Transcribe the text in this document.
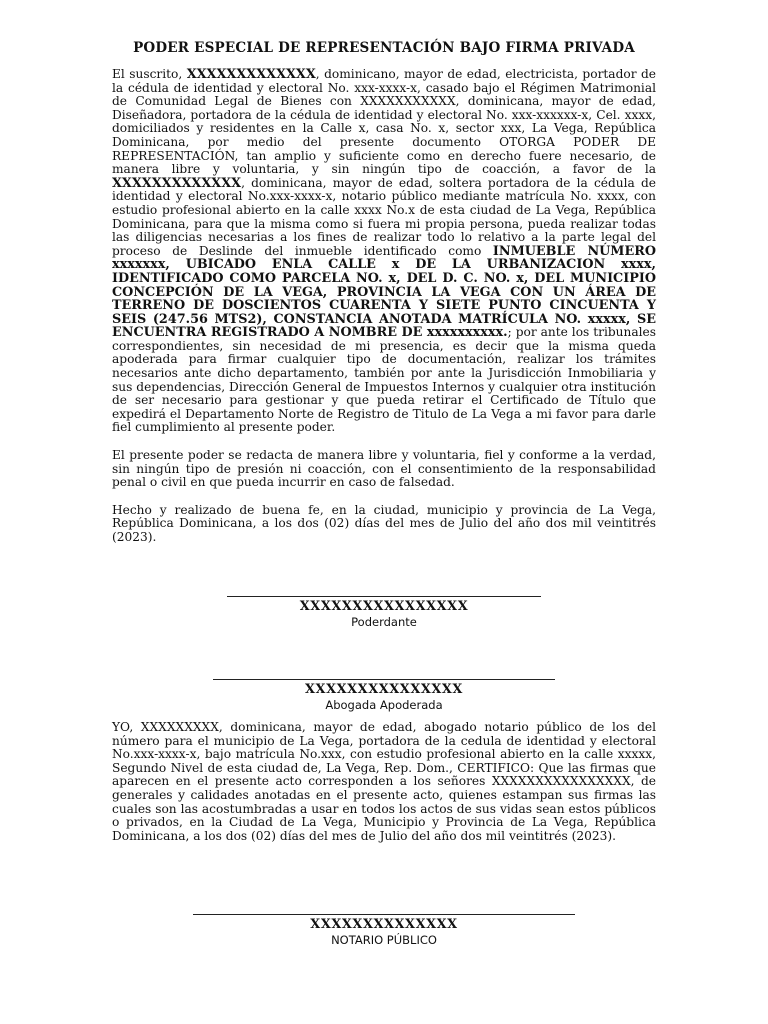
PODER ESPECIAL DE REPRESENTACIÓN BAJO FIRMA PRIVADA

El suscrito, XXXXXXXXXXXXX, dominicano, mayor de edad, electricista, portador de la cédula de identidad y electoral No. xxx-xxxx-x, casado bajo el Régimen Matrimonial de Comunidad Legal de Bienes con XXXXXXXXXXX, dominicana, mayor de edad, Diseñadora, portadora de la cédula de identidad y electoral No. xxx-xxxxxx-x, Cel. xxxx, domiciliados y residentes en la Calle x, casa No. x, sector xxx, La Vega, República Dominicana, por medio del presente documento OTORGA PODER DE REPRESENTACIÓN, tan amplio y suficiente como en derecho fuere necesario, de manera libre y voluntaria, y sin ningún tipo de coacción, a favor de la XXXXXXXXXXXXX, dominicana, mayor de edad, soltera portadora de la cédula de identidad y electoral No.xxx-xxxx-x, notario público mediante matrícula No. xxxx, con estudio profesional abierto en la calle xxxx No.x de esta ciudad de La Vega, República Dominicana, para que la misma como si fuera mi propia persona, pueda realizar todas las diligencias necesarias a los fines de realizar todo lo relativo a la parte legal del proceso de Deslinde del inmueble identificado como INMUEBLE NÚMERO xxxxxxx, UBICADO ENLA CALLE x DE LA URBANIZACION xxxx, IDENTIFICADO COMO PARCELA NO. x, DEL D. C. NO. x, DEL MUNICIPIO CONCEPCIÓN DE LA VEGA, PROVINCIA LA VEGA CON UN ÁREA DE TERRENO DE DOSCIENTOS CUARENTA Y SIETE PUNTO CINCUENTA Y SEIS (247.56 MTS2), CONSTANCIA ANOTADA MATRÍCULA NO. xxxxx, SE ENCUENTRA REGISTRADO A NOMBRE DE xxxxxxxxxx.; por ante los tribunales correspondientes, sin necesidad de mi presencia, es decir que la misma queda apoderada para firmar cualquier tipo de documentación, realizar los trámites necesarios ante dicho departamento, también por ante la Jurisdicción Inmobiliaria y sus dependencias, Dirección General de Impuestos Internos y cualquier otra institución de ser necesario para gestionar y que pueda retirar el Certificado de Título que expedirá el Departamento Norte de Registro de Titulo de La Vega a mi favor para darle fiel cumplimiento al presente poder.

El presente poder se redacta de manera libre y voluntaria, fiel y conforme a la verdad, sin ningún tipo de presión ni coacción, con el consentimiento de la responsabilidad penal o civil en que pueda incurrir en caso de falsedad.

Hecho y realizado de buena fe, en la ciudad, municipio y provincia de La Vega, República Dominicana, a los dos (02) días del mes de Julio del año dos mil veintitrés (2023).

XXXXXXXXXXXXXXXX
Poderdante
XXXXXXXXXXXXXXX
Abogada Apoderada

YO, XXXXXXXXX, dominicana, mayor de edad, abogado notario público de los del número para el municipio de La Vega, portadora de la cedula de identidad y electoral No.xxx-xxxx-x, bajo matrícula No.xxx, con estudio profesional abierto en la calle xxxxx, Segundo Nivel de esta ciudad de, La Vega, Rep. Dom., CERTIFICO: Que las firmas que aparecen en el presente acto corresponden a los señores XXXXXXXXXXXXXXXX, de generales y calidades anotadas en el presente acto, quienes estampan sus firmas las cuales son las acostumbradas a usar en todos los actos de sus vidas sean estos públicos o privados, en la Ciudad de La Vega, Municipio y Provincia de La Vega, República Dominicana, a los dos (02) días del mes de Julio del año dos mil veintitrés (2023).

XXXXXXXXXXXXXX
NOTARIO PÚBLICO
